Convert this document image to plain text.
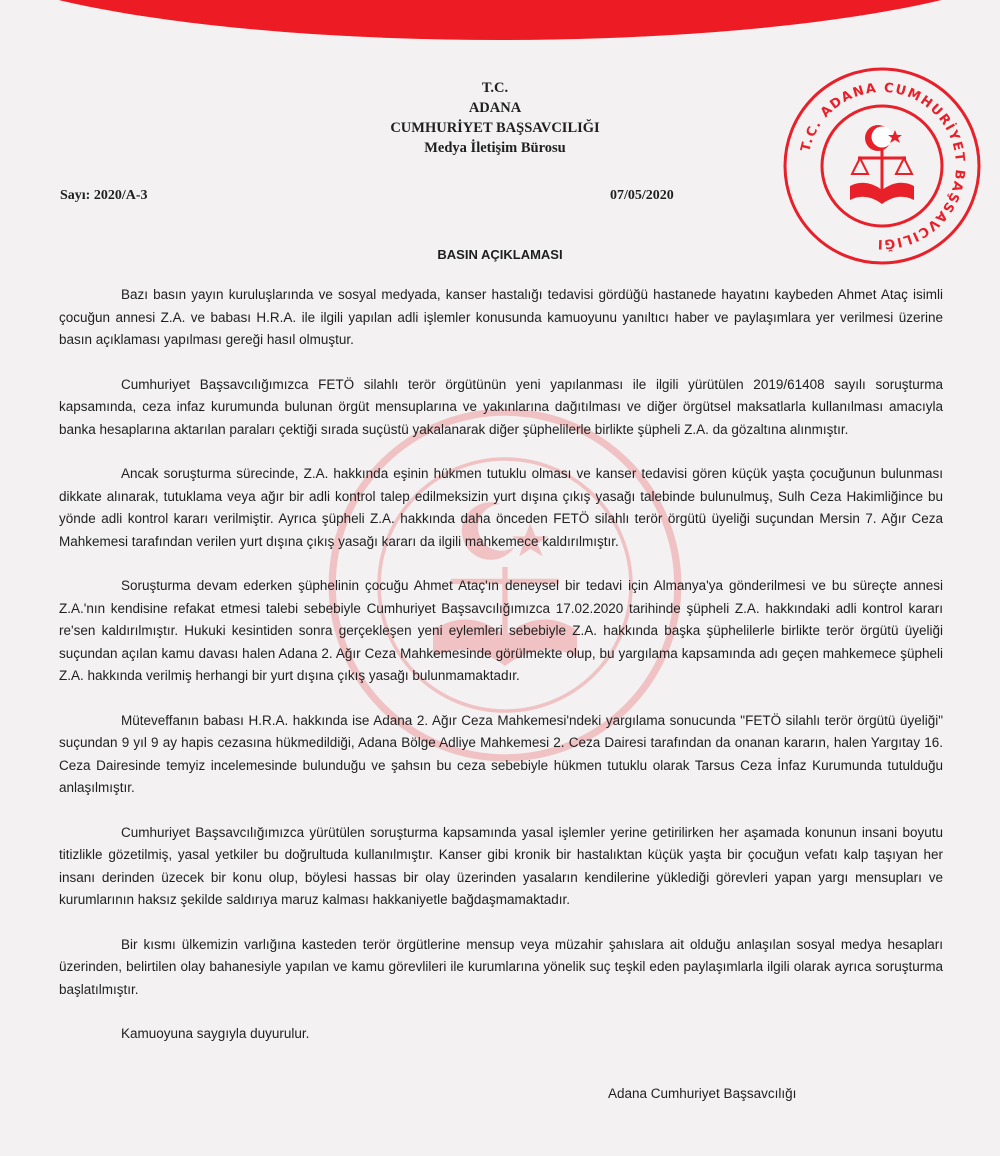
T.C.
ADANA
CUMHURİYET BAŞSAVCILIĞI
Medya İletişim Bürosu	T.C. ADANA CUMHURİYET BAŞSAVCILIĞI
Sayı: 2020/A-3	07/05/2020
BASIN AÇIKLAMASI

Bazı basın yayın kuruluşlarında ve sosyal medyada, kanser hastalığı tedavisi gördüğü hastanede hayatını kaybeden Ahmet Ataç isimli çocuğun annesi Z.A. ve babası H.R.A. ile ilgili yapılan adli işlemler konusunda kamuoyunu yanıltıcı haber ve paylaşımlara yer verilmesi üzerine basın açıklaması yapılması gereği hasıl olmuştur.

Cumhuriyet Başsavcılığımızca FETÖ silahlı terör örgütünün yeni yapılanması ile ilgili yürütülen 2019/61408 sayılı soruşturma kapsamında, ceza infaz kurumunda bulunan örgüt mensuplarına ve yakınlarına dağıtılması ve diğer örgütsel maksatlarla kullanılması amacıyla banka hesaplarına aktarılan paraları çektiği sırada suçüstü yakalanarak diğer şüphelilerle birlikte şüpheli Z.A. da gözaltına alınmıştır.

Ancak soruşturma sürecinde, Z.A. hakkında eşinin hükmen tutuklu olması ve kanser tedavisi gören küçük yaşta çocuğunun bulunması dikkate alınarak, tutuklama veya ağır bir adli kontrol talep edilmeksizin yurt dışına çıkış yasağı talebinde bulunulmuş, Sulh Ceza Hakimliğince bu yönde adli kontrol kararı verilmiştir. Ayrıca şüpheli Z.A. hakkında daha önceden FETÖ silahlı terör örgütü üyeliği suçundan Mersin 7. Ağır Ceza Mahkemesi tarafından verilen yurt dışına çıkış yasağı kararı da ilgili mahkemece kaldırılmıştır.

Soruşturma devam ederken şüphelinin çocuğu Ahmet Ataç'ın deneysel bir tedavi için Almanya'ya gönderilmesi ve bu süreçte annesi Z.A.'nın kendisine refakat etmesi talebi sebebiyle Cumhuriyet Başsavcılığımızca 17.02.2020 tarihinde şüpheli Z.A. hakkındaki adli kontrol kararı re'sen kaldırılmıştır. Hukuki kesintiden sonra gerçekleşen yeni eylemleri sebebiyle Z.A. hakkında başka şüphelilerle birlikte terör örgütü üyeliği suçundan açılan kamu davası halen Adana 2. Ağır Ceza Mahkemesinde görülmekte olup, bu yargılama kapsamında adı geçen mahkemece şüpheli Z.A. hakkında verilmiş herhangi bir yurt dışına çıkış yasağı bulunmamaktadır.

Müteveffanın babası H.R.A. hakkında ise Adana 2. Ağır Ceza Mahkemesi'ndeki yargılama sonucunda "FETÖ silahlı terör örgütü üyeliği" suçundan 9 yıl 9 ay hapis cezasına hükmedildiği, Adana Bölge Adliye Mahkemesi 2. Ceza Dairesi tarafından da onanan kararın, halen Yargıtay 16. Ceza Dairesinde temyiz incelemesinde bulunduğu ve şahsın bu ceza sebebiyle hükmen tutuklu olarak Tarsus Ceza İnfaz Kurumunda tutulduğu anlaşılmıştır.

Cumhuriyet Başsavcılığımızca yürütülen soruşturma kapsamında yasal işlemler yerine getirilirken her aşamada konunun insani boyutu titizlikle gözetilmiş, yasal yetkiler bu doğrultuda kullanılmıştır. Kanser gibi kronik bir hastalıktan küçük yaşta bir çocuğun vefatı kalp taşıyan her insanı derinden üzecek bir konu olup, böylesi hassas bir olay üzerinden yasaların kendilerine yüklediği görevleri yapan yargı mensupları ve kurumlarının haksız şekilde saldırıya maruz kalması hakkaniyetle bağdaşmamaktadır.

Bir kısmı ülkemizin varlığına kasteden terör örgütlerine mensup veya müzahir şahıslara ait olduğu anlaşılan sosyal medya hesapları üzerinden, belirtilen olay bahanesiyle yapılan ve kamu görevlileri ile kurumlarına yönelik suç teşkil eden paylaşımlarla ilgili olarak ayrıca soruşturma başlatılmıştır.

Kamuoyuna saygıyla duyurulur.

Adana Cumhuriyet Başsavcılığı
